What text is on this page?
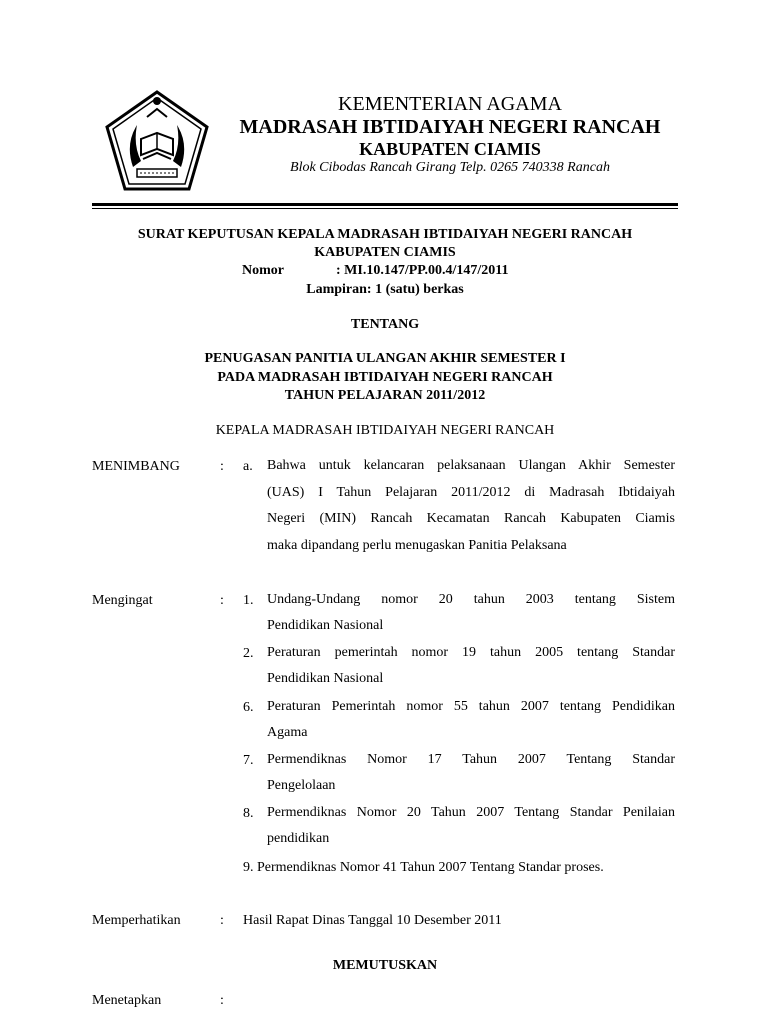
KEMENTERIAN AGAMA
MADRASAH IBTIDAIYAH NEGERI RANCAH
KABUPATEN CIAMIS
Blok Cibodas Rancah Girang Telp. 0265 740338 Rancah
SURAT KEPUTUSAN KEPALA MADRASAH IBTIDAIYAH NEGERI RANCAH
KABUPATEN CIAMIS
Nomor	: MI.10.147/PP.00.4/147/2011
Lampiran: 1 (satu) berkas
TENTANG
PENUGASAN PANITIA ULANGAN AKHIR SEMESTER I
PADA MADRASAH IBTIDAIYAH NEGERI RANCAH
TAHUN PELAJARAN 2011/2012
KEPALA MADRASAH IBTIDAIYAH NEGERI RANCAH
MENIMBANG	: a. Bahwa untuk kelancaran pelaksanaan Ulangan Akhir Semester
(UAS) I Tahun Pelajaran 2011/2012 di Madrasah Ibtidaiyah
Negeri (MIN) Rancah Kecamatan Rancah Kabupaten Ciamis
maka dipandang perlu menugaskan Panitia Pelaksana
Mengingat	: 1. Undang-Undang nomor 20 tahun 2003 tentang Sistem
Pendidikan Nasional
2. Peraturan pemerintah nomor 19 tahun 2005 tentang Standar
Pendidikan Nasional
6. Peraturan Pemerintah nomor 55 tahun 2007 tentang Pendidikan
Agama
7. Permendiknas Nomor 17 Tahun 2007 Tentang Standar
Pengelolaan
8. Permendiknas Nomor 20 Tahun 2007 Tentang Standar Penilaian
pendidikan
9. Permendiknas Nomor 41 Tahun 2007 Tentang Standar proses.
Memperhatikan	: Hasil Rapat Dinas Tanggal 10 Desember 2011
MEMUTUSKAN
Menetapkan	:
